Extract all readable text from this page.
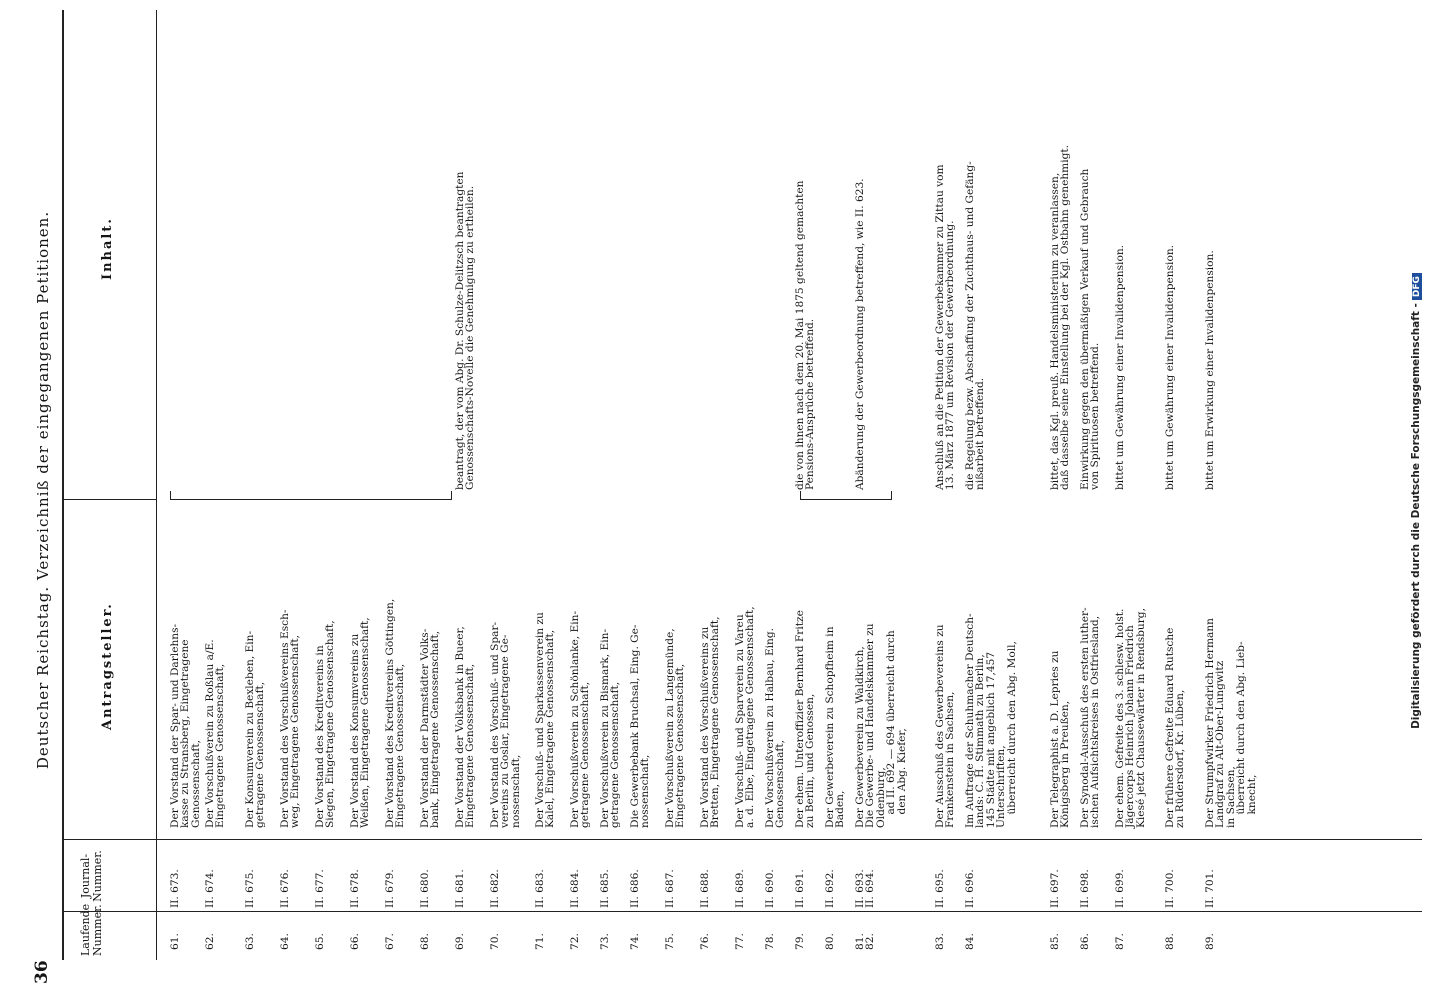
36
Deutscher Reichstag. Verzeichniß der eingegangenen Petitionen.
Laufende Nummer.
Journal- Nummer.
Antragsteller.
Inhalt.
61.
II. 673.
Der Vorstand der Spar- und Darlehns-
kasse zu Stransberg, Eingetragene
Genossenschaft,
62.
II. 674.
Der Vorschußverein zu Roßlau a/E.
Eingetragene Genossenschaft,
63.
II. 675.
Der Konsumverein zu Bexleben, Ein-
getragene Genossenschaft,
64.
II. 676.
Der Vorstand des Vorschußvereins Esch-
weg, Eingetragene Genossenschaft,
65.
II. 677.
Der Vorstand des Kreditvereins in
Siegen, Eingetragene Genossenschaft,
66.
II. 678.
Der Vorstand des Konsumvereins zu
Weißen, Eingetragene Genossenschaft,
67.
II. 679.
Der Vorstand des Kreditvereins Göttingen,
Eingetragene Genossenschaft,
68.
II. 680.
Der Vorstand der Darmstädter Volks-
bank, Eingetragene Genossenschaft,
69.
II. 681.
Der Vorstand der Volksbank in Bueer,
Eingetragene Genossenschaft,
beantragt, der vom Abg. Dr. Schulze-Delitzsch beantragten
Genossenschafts-Novelle die Genehmigung zu ertheilen.
70.
II. 682.
Der Vorstand des Vorschuß- und Spar-
vereins zu Goslar, Eingetragene Ge-
nossenschaft,
71.
II. 683.
Der Vorschuß- und Sparkassenverein zu
Kalel, Eingetragene Genossenschaft,
72.
II. 684.
Der Vorschußverein zu Schönlanke, Ein-
getragene Genossenschaft,
73.
II. 685.
Der Vorschußverein zu Bismark, Ein-
getragene Genossenschaft,
74.
II. 686.
Die Gewerbebank Bruchsal, Eing. Ge-
nossenschaft,
75.
II. 687.
Der Vorschußverein zu Langemünde,
Eingetragene Genossenschaft,
76.
II. 688.
Der Vorstand des Vorschußvereins zu
Bretten, Eingetragene Genossenschaft,
77.
II. 689.
Der Vorschuß- und Sparverein zu Vareu
a. d. Elbe, Eingetragene Genossenschaft,
78.
II. 690.
Der Vorschußverein zu Halbau, Eing.
Genossenschaft,
79.
II. 691.
Der ehem. Unteroffizier Bernhard Fritze
zu Berlin, und Genossen,
die von ihnen nach dem 20. Mai 1875 geltend gemachten
Pensions-Ansprüche betreffend.
80.
II. 692.
Der Gewerbeverein zu Schopfheim in
Baden,
81.
82.
II. 693.
II. 694.
Der Gewerbeverein zu Waldkirch,
Die Gewerbe- und Handelskammer zu
Oldenburg,
ad II. 692 — 694 überreicht durch
den Abg. Kiefer,
Abänderung der Gewerbeordnung betreffend, wie II. 623.
83.
II. 695.
Der Ausschuß des Gewerbevereins zu
Frankenstein in Sachsen,
Anschluß an die Petition der Gewerbekammer zu Zittau vom
13. März 1877 um Revision der Gewerbeordnung.
84.
II. 696.
Im Auftrage der Schuhmacher Deutsch-
lands: C. H. Stimmath zu Berlin,
145 Städte mit angeblich 17,457
Unterschriften,
überreicht durch den Abg. Moll,
die Regelung bezw. Abschaffung der Zuchthaus- und Gefäng-
nißarbeit betreffend.
85.
II. 697.
Der Telegraphist a. D. Lepries zu
Königsberg in Preußen,
bittet, das Kgl. preuß. Handelsministerium zu veranlassen,
daß dasselbe seine Einstellung bei der Kgl. Ostbahn genehmigt.
86.
II. 698.
Der Synodal-Ausschuß des ersten luther-
ischen Aufsichtskreises in Ostfriesland,
Einwirkung gegen den übermäßigen Verkauf und Gebrauch
von Spirituosen betreffend.
87.
II. 699.
Der ehem. Gefreite des 3. schlesw. holst.
Jägercorps Heinrich Johann Friedrich
Kiesé jetzt Chaussewärter in Rendsburg,
bittet um Gewährung einer Invalidenpension.
88.
II. 700.
Der frühere Gefreite Eduard Rutsche
zu Rüdersdorf, Kr. Lüben,
bittet um Gewährung einer Invalidenpension.
89.
II. 701.
Der Strumpfwirker Friedrich Hermann
Landgraf zu Alt-Ober-Lungwitz
in Sachsen,
überreicht durch den Abg. Lieb-
knecht,
bittet um Erwirkung einer Invalidenpension.	Digitalisierung gefördert durch die Deutsche Forschungsgemeinschaft -DFG
